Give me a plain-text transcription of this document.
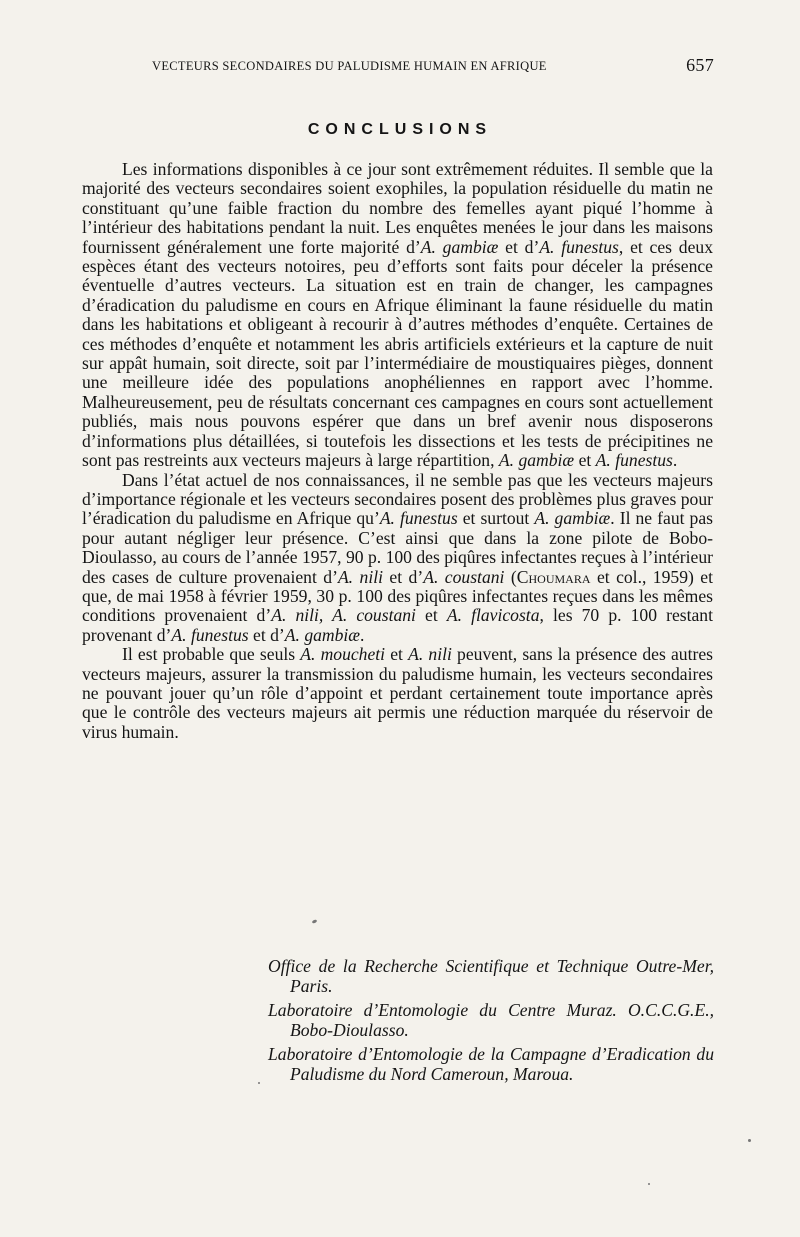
VECTEURS SECONDAIRES DU PALUDISME HUMAIN EN AFRIQUE	657
CONCLUSIONS

Les informations disponibles à ce jour sont extrêmement réduites. Il semble que la majorité des vecteurs secondaires soient exophiles, la population résiduelle du matin ne constituant qu’une faible fraction du nombre des femelles ayant piqué l’homme à l’intérieur des habitations pendant la nuit. Les enquêtes menées le jour dans les maisons fournissent généralement une forte majorité d’A. gambiæ et d’A. funestus, et ces deux espèces étant des vecteurs notoires, peu d’efforts sont faits pour déceler la présence éventuelle d’autres vecteurs. La situation est en train de changer, les campagnes d’éradication du paludisme en cours en Afrique éliminant la faune résiduelle du matin dans les habitations et obligeant à recourir à d’autres méthodes d’enquête. Certaines de ces méthodes d’enquête et notamment les abris artificiels extérieurs et la capture de nuit sur appât humain, soit directe, soit par l’intermédiaire de moustiquaires pièges, donnent une meilleure idée des populations anophéliennes en rapport avec l’homme. Malheureusement, peu de résultats concernant ces campagnes en cours sont actuellement publiés, mais nous pouvons espérer que dans un bref avenir nous disposerons d’informations plus détaillées, si toutefois les dissections et les tests de précipitines ne sont pas restreints aux vecteurs majeurs à large répartition, A. gambiæ et A. funestus.

Dans l’état actuel de nos connaissances, il ne semble pas que les vecteurs majeurs d’importance régionale et les vecteurs secondaires posent des problèmes plus graves pour l’éradication du paludisme en Afrique qu’A. funestus et surtout A. gambiæ. Il ne faut pas pour autant négliger leur présence. C’est ainsi que dans la zone pilote de Bobo-Dioulasso, au cours de l’année 1957, 90 p. 100 des piqûres infectantes reçues à l’intérieur des cases de culture provenaient d’A. nili et d’A. coustani (Choumara et col., 1959) et que, de mai 1958 à février 1959, 30 p. 100 des piqûres infectantes reçues dans les mêmes conditions provenaient d’A. nili, A. coustani et A. flavicosta, les 70 p. 100 restant provenant d’A. funestus et d’A. gambiæ.

Il est probable que seuls A. moucheti et A. nili peuvent, sans la présence des autres vecteurs majeurs, assurer la transmission du paludisme humain, les vecteurs secondaires ne pouvant jouer qu’un rôle d’appoint et perdant certainement toute importance après que le contrôle des vecteurs majeurs ait permis une réduction marquée du réservoir de virus humain.

Office de la Recherche Scientifique et Technique Outre-Mer, Paris.

Laboratoire d’Entomologie du Centre Muraz. O.C.C.G.E., Bobo-Dioulasso.

Laboratoire d’Entomologie de la Campagne d’Eradication du Paludisme du Nord Cameroun, Maroua.
